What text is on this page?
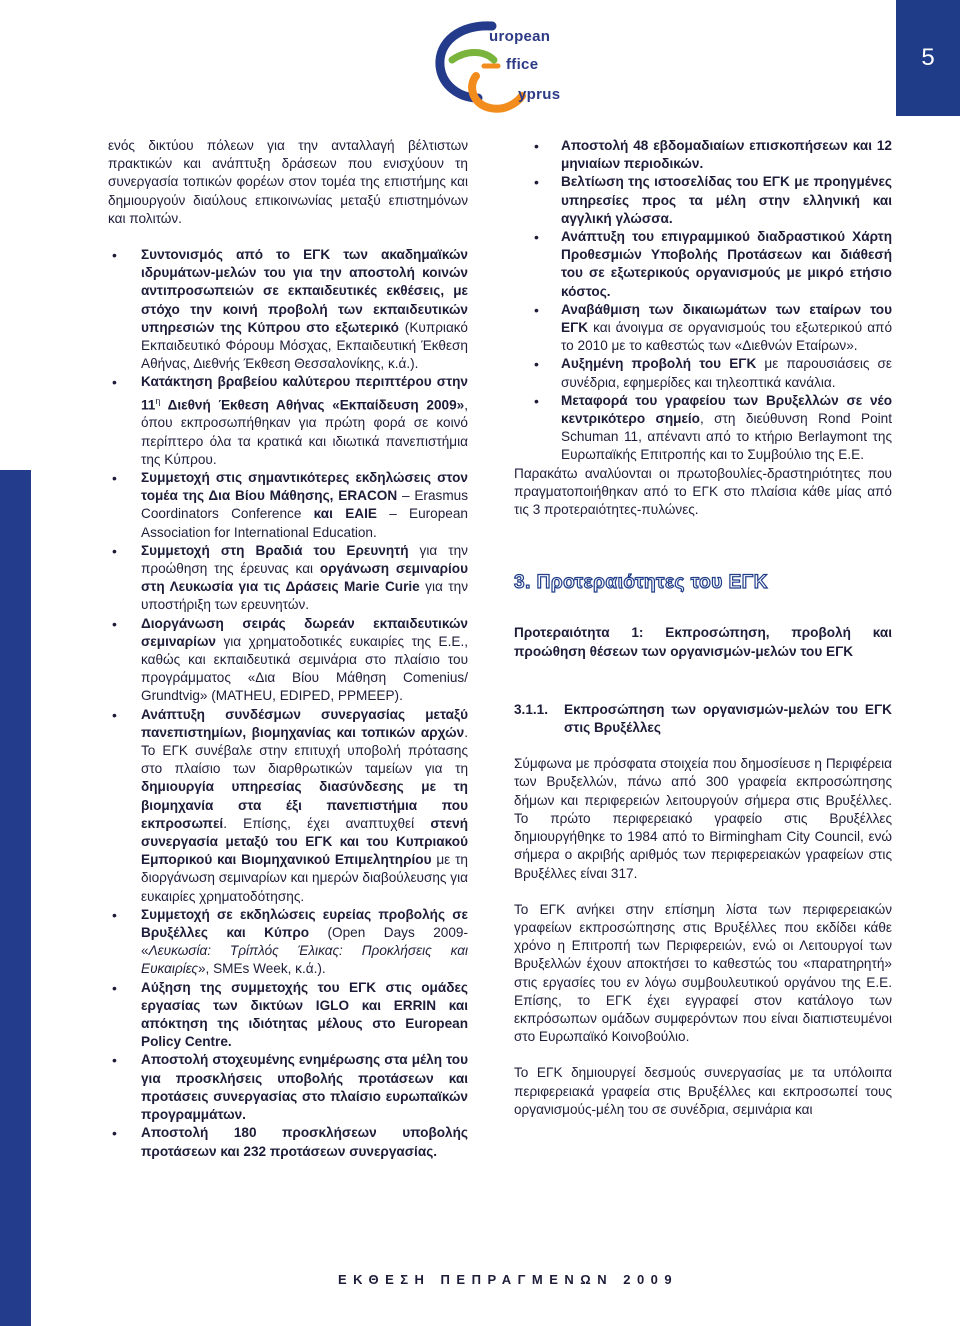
5
uropean
ffice
yprus

ενός δικτύου πόλεων για την ανταλλαγή βέλτιστων πρακτικών και ανάπτυξη δράσεων που ενισχύουν τη συνεργασία τοπικών φορέων στον τομέα της επιστήμης και δημιουργούν διαύλους επικοινωνίας μεταξύ επιστημόνων και πολιτών.

• Συντονισμός από το ΕΓΚ των ακαδημαϊκών ιδρυμάτων-μελών του για την αποστολή κοινών αντιπροσωπειών σε εκπαιδευτικές εκθέσεις, με στόχο την κοινή προβολή των εκπαιδευτικών υπηρεσιών της Κύπρου στο εξωτερικό (Κυπριακό Εκπαιδευτικό Φόρουμ Μόσχας, Εκπαιδευτική Έκθεση Αθήνας, Διεθνής Έκθεση Θεσσαλονίκης, κ.ά.).
• Κατάκτηση βραβείου καλύτερου περιπτέρου στην $11^\eta$ Διεθνή Έκθεση Αθήνας «Εκπαίδευση 2009», όπου εκπροσωπήθηκαν για πρώτη φορά σε κοινό περίπτερο όλα τα κρατικά και ιδιωτικά πανεπιστήμια της Κύπρου.
• Συμμετοχή στις σημαντικότερες εκδηλώσεις στον τομέα της Δια Βίου Μάθησης, ERACON – Erasmus Coordinators Conference και EAIE – European Association for International Education.
• Συμμετοχή στη Βραδιά του Ερευνητή για την προώθηση της έρευνας και οργάνωση σεμιναρίου στη Λευκωσία για τις Δράσεις Marie Curie για την υποστήριξη των ερευνητών.
• Διοργάνωση σειράς δωρεάν εκπαιδευτικών σεμιναρίων για χρηματοδοτικές ευκαιρίες της Ε.Ε., καθώς και εκπαιδευτικά σεμινάρια στο πλαίσιο του προγράμματος «Δια Βίου Μάθηση Comenius/ Grundtvig» (MATHEU, EDIPED, PPMEEP).
• Ανάπτυξη συνδέσμων συνεργασίας μεταξύ πανεπιστημίων, βιομηχανίας και τοπικών αρχών. Το ΕΓΚ συνέβαλε στην επιτυχή υποβολή πρότασης στο πλαίσιο των διαρθρωτικών ταμείων για τη δημιουργία υπηρεσίας διασύνδεσης με τη βιομηχανία στα έξι πανεπιστήμια που εκπροσωπεί. Επίσης, έχει αναπτυχθεί στενή συνεργασία μεταξύ του ΕΓΚ και του Κυπριακού Εμπορικού και Βιομηχανικού Επιμελητηρίου με τη διοργάνωση σεμιναρίων και ημερών διαβούλευσης για ευκαιρίες χρηματοδότησης.
• Συμμετοχή σε εκδηλώσεις ευρείας προβολής σε Βρυξέλλες και Κύπρο (Open Days 2009- «Λευκωσία: Τρίπλός Έλικας: Προκλήσεις και Ευκαιρίες», SMEs Week, κ.ά.).
• Αύξηση της συμμετοχής του ΕΓΚ στις ομάδες εργασίας των δικτύων IGLO και ERRIN και απόκτηση της ιδιότητας μέλους στο European Policy Centre.
• Αποστολή στοχευμένης ενημέρωσης στα μέλη του για προσκλήσεις υποβολής προτάσεων και προτάσεις συνεργασίας στο πλαίσιο ευρωπαϊκών προγραμμάτων.
• Αποστολή 180 προσκλήσεων υποβολής προτάσεων και 232 προτάσεων συνεργασίας.
• Αποστολή 48 εβδομαδιαίων επισκοπήσεων και 12 μηνιαίων περιοδικών.
• Βελτίωση της ιστοσελίδας του ΕΓΚ με προηγμένες υπηρεσίες προς τα μέλη στην ελληνική και αγγλική γλώσσα.
• Ανάπτυξη του επιγραμμικού διαδραστικού Χάρτη Προθεσμιών Υποβολής Προτάσεων και διάθεσή του σε εξωτερικούς οργανισμούς με μικρό ετήσιο κόστος.
• Αναβάθμιση των δικαιωμάτων των εταίρων του ΕΓΚ και άνοιγμα σε οργανισμούς του εξωτερικού από το 2010 με το καθεστώς των «Διεθνών Εταίρων».
• Αυξημένη προβολή του ΕΓΚ με παρουσιάσεις σε συνέδρια, εφημερίδες και τηλεοπτικά κανάλια.
• Μεταφορά του γραφείου των Βρυξελλών σε νέο κεντρικότερο σημείο, στη διεύθυνση Rond Point Schuman 11, απέναντι από το κτήριο Berlaymont της Ευρωπαϊκής Επιτροπής και το Συμβούλιο της Ε.Ε.

Παρακάτω αναλύονται οι πρωτοβουλίες-δραστηριότητες που πραγματοποιήθηκαν από το ΕΓΚ στο πλαίσια κάθε μίας από τις 3 προτεραιότητες-πυλώνες.

3. Προτεραιότητες του ΕΓΚ
Προτεραιότητα 1: Εκπροσώπηση, προβολή και προώθηση θέσεων των οργανισμών-μελών του ΕΓΚ
3.1.1.	Εκπροσώπηση των οργανισμών-μελών του ΕΓΚ στις Βρυξέλλες

Σύμφωνα με πρόσφατα στοιχεία που δημοσίευσε η Περιφέρεια των Βρυξελλών, πάνω από 300 γραφεία εκπροσώπησης δήμων και περιφερειών λειτουργούν σήμερα στις Βρυξέλλες. Το πρώτο περιφερειακό γραφείο στις Βρυξέλλες δημιουργήθηκε το 1984 από το Birmingham City Council, ενώ σήμερα ο ακριβής αριθμός των περιφερειακών γραφείων στις Βρυξέλλες είναι 317.

Το ΕΓΚ ανήκει στην επίσημη λίστα των περιφερειακών γραφείων εκπροσώπησης στις Βρυξέλλες που εκδίδει κάθε χρόνο η Επιτροπή των Περιφερειών, ενώ οι Λειτουργοί των Βρυξελλών έχουν αποκτήσει το καθεστώς του «παρατηρητή» στις εργασίες του εν λόγω συμβουλευτικού οργάνου της Ε.Ε. Επίσης, το ΕΓΚ έχει εγγραφεί στον κατάλογο των εκπρόσωπων ομάδων συμφερόντων που είναι διαπιστευμένοι στο Ευρωπαϊκό Κοινοβούλιο.

Το ΕΓΚ δημιουργεί δεσμούς συνεργασίας με τα υπόλοιπα περιφερειακά γραφεία στις Βρυξέλλες και εκπροσωπεί τους οργανισμούς-μέλη του σε συνέδρια, σεμινάρια και

ΕΚΘΕΣΗ ΠΕΠΡΑΓΜΕΝΩΝ 2009
